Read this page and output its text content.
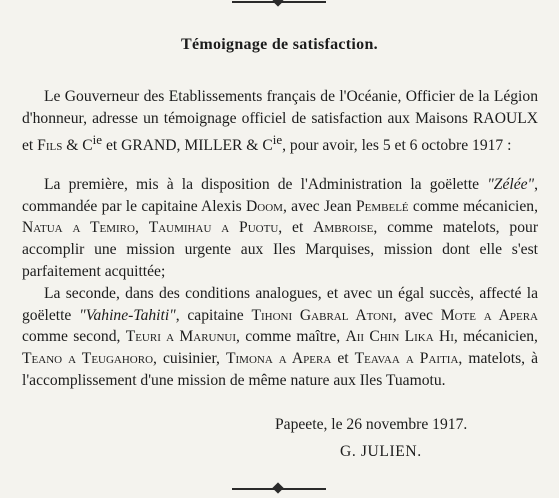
Témoignage de satisfaction.
Le Gouverneur des Etablissements français de l'Océanie, Officier de la Légion d'honneur, adresse un témoignage officiel de satisfaction aux Maisons RAOULX et Fils & $C^{ie}$ et GRAND, MILLER & $C^{ie}$, pour avoir, les 5 et 6 octobre 1917 :
La première, mis à la disposition de l'Administration la goëlette "Zélée", commandée par le capitaine Alexis Doom, avec Jean Pembelé comme mécanicien, Natua a Temiro, Taumihau a Puotu, et Ambroise, comme matelots, pour accomplir une mission urgente aux Iles Marquises, mission dont elle s'est parfaitement acquittée;
La seconde, dans des conditions analogues, et avec un égal succès, affecté la goëlette "Vahine-Tahiti", capitaine Tihoni Gabral Atoni, avec Mote a Apera comme second, Teuri a Marunui, comme maître, Aii Chin Lika Hi, mécanicien, Teano a Teugahoro, cuisinier, Timona a Apera et Teavaa a Paitia, matelots, à l'accomplissement d'une mission de même nature aux Iles Tuamotu.
Papeete, le 26 novembre 1917.
G. JULIEN.
